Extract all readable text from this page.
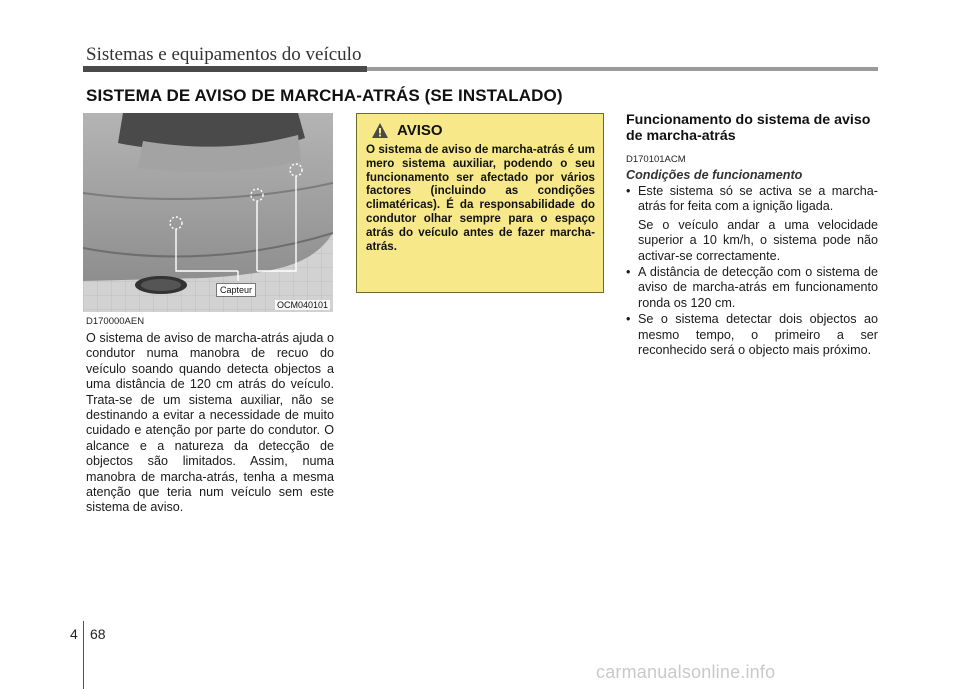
Sistemas e equipamentos do veículo
SISTEMA DE AVISO DE MARCHA-ATRÁS (SE INSTALADO)
Capteur
OCM040101
D170000AEN
O sistema de aviso de marcha-atrás ajuda o condutor numa manobra de recuo do veículo soando quando detecta objectos a uma distância de 120 cm atrás do veículo. Trata-se de um sistema auxiliar, não se destinando a evitar a necessidade de muito cuidado e atenção por parte do condutor. O alcance e a natureza da detecção de objectos são limitados. Assim, numa manobra de marcha-atrás, tenha a mesma atenção que teria num veículo sem este sistema de aviso.
AVISO
O sistema de aviso de marcha-atrás é um mero sistema auxiliar, podendo o seu funcionamento ser afectado por vários factores (incluindo as condições climatéricas). É da responsabilidade do condutor olhar sempre para o espaço atrás do veículo antes de fazer marcha-atrás.
Funcionamento do sistema de aviso de marcha-atrás
D170101ACM
Condições de funcionamento
• Este sistema só se activa se a marcha-atrás for feita com a ignição ligada.

Se o veículo andar a uma velocidade superior a 10 km/h, o sistema pode não activar-se correctamente.

• A distância de detecção com o sistema de aviso de marcha-atrás em funcionamento ronda os 120 cm.

• Se o sistema detectar dois objectos ao mesmo tempo, o primeiro a ser reconhecido será o objecto mais próximo.

4 68
carmanualsonline.info
